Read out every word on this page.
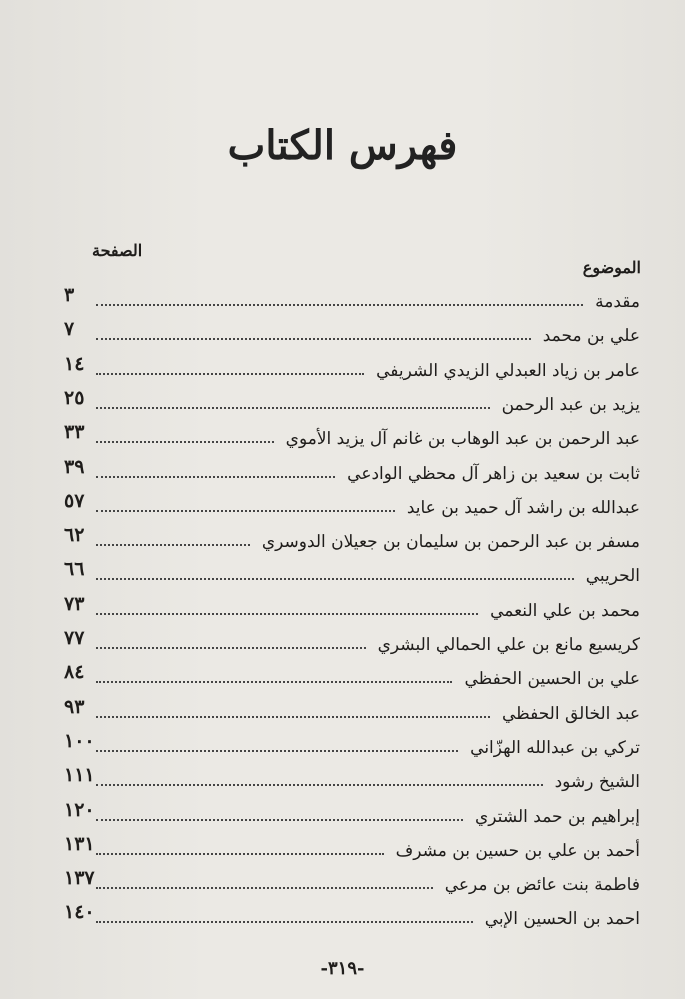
فهرس الكتاب
الصفحة
الموضوع
٣	مقدمة
٧	علي بن محمد
١٤	عامر بن زياد العبدلي الزيدي الشريفي
٢٥	يزيد بن عبد الرحمن
٣٣	عبد الرحمن بن عبد الوهاب بن غانم آل يزيد الأموي
٣٩	ثابت بن سعيد بن زاهر آل محظي الوادعي
٥٧	عبدالله بن راشد آل حميد بن عايد
٦٢	مسفر بن عبد الرحمن بن سليمان بن جعيلان الدوسري
٦٦	الحريبي
٧٣	محمد بن علي النعمي
٧٧	كريسيع مانع بن علي الحمالي البشري
٨٤	علي بن الحسين الحفظي
٩٣	عبد الخالق الحفظي
١٠٠	تركي بن عبدالله الهزّاني
١١١	الشيخ رشود
١٢٠	إبراهيم بن حمد الشتري
١٣١	أحمد بن علي بن حسين بن مشرف
١٣٧	فاطمة بنت عائض بن مرعي
١٤٠	احمد بن الحسين الإبي
-٣١٩-
